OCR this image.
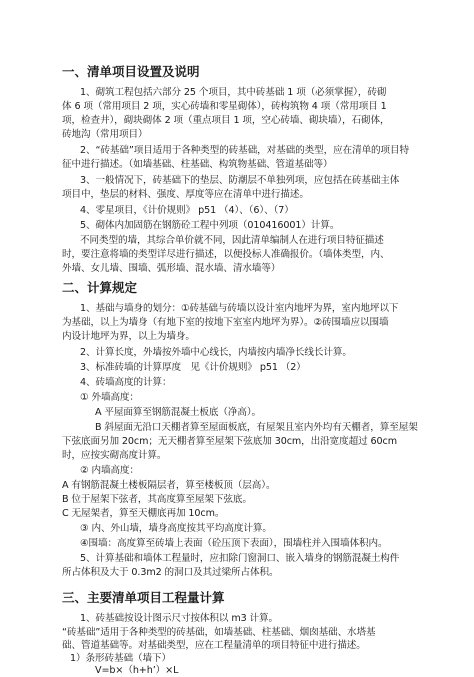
一、清单项目设置及说明
1、砌筑工程包括六部分 25 个项目，其中砖基础 1 项（必须掌握），砖砌
体 6 项（常用项目 2 项，实心砖墙和零星砌体），砖构筑物 4 项（常用项目 1
项，检查井），砌块砌体 2 项（重点项目 1 项，空心砖墙、砌块墙），石砌体，
砖地沟（常用项目）
2、“砖基础”项目适用于各种类型的砖基础，对基础的类型，应在清单的项目特
征中进行描述。（如墙基础、柱基础、构筑物基础、管道基础等）
3、一般情况下，砖基础下的垫层、防潮层不单独列项，应包括在砖基础主体
项目中，垫层的材料、强度、厚度等应在清单中进行描述。
4、零星项目，《计价规则》 p51 （4）、（6）、（7）
5、砌体内加固筋在钢筋砼工程中列项（010416001）计算。
不同类型的墙，其综合单价就不同，因此清单编制人在进行项目特征描述
时，要注意将墙的类型详尽进行描述，以便投标人准确报价。（墙体类型，内、
外墙、女儿墙、围墙、弧形墙、混水墙、清水墙等）
二、计算规定
1、基础与墙身的划分：①砖基础与砖墙以设计室内地坪为界，室内地坪以下
为基础，以上为墙身（有地下室的按地下室室内地坪为界）。②砖围墙应以围墙
内设计地坪为界，以上为墙身。
2、计算长度，外墙按外墙中心线长，内墙按内墙净长线长计算。
3、标准砖墙的计算厚度　见《计价规则》 p51 （2）
4、砖墙高度的计算：
① 外墙高度：
A 平屋面算至钢筋混凝土板底（净高）。
B 斜屋面无沿口天棚者算至屋面板底，有屋架且室内外均有天棚者，算至屋架
下弦底面另加 20cm；无天棚者算至屋架下弦底加 30cm，出沿宽度超过 60cm
时，应按实砌高度计算。
② 内墙高度：
A 有钢筋混凝土楼板隔层者，算至楼板顶（层高）。
B 位于屋架下弦者，其高度算至屋架下弦底。
C 无屋架者，算至天棚底再加 10cm。
③ 内、外山墙，墙身高度按其平均高度计算。
④围墙：高度算至砖墙上表面（砼压顶下表面），围墙柱并入围墙体积内。
5、计算基础和墙体工程量时，应扣除门窗洞口、嵌入墙身的钢筋混凝土构件
所占体积及大于 0.3m2 的洞口及其过梁所占体积。
三、主要清单项目工程量计算
1、砖基础按设计图示尺寸按体积以 m3 计算。
“砖基础”适用于各种类型的砖基础，如墙基础、柱基础、烟囱基础、水塔基
础、管道基础等。对基础类型，应在工程量清单的项目特征中进行描述。
1）条形砖基础（墙下）
V=b×（h+h’）×L
